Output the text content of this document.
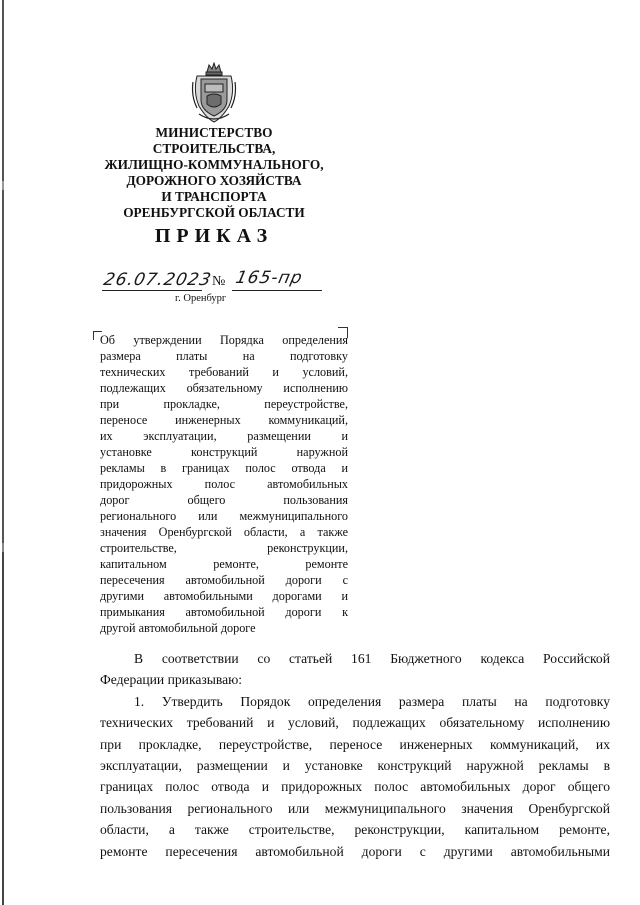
МИНИСТЕРСТВО
СТРОИТЕЛЬСТВА,
ЖИЛИЩНО-КОММУНАЛЬНОГО,
ДОРОЖНОГО ХОЗЯЙСТВА
И ТРАНСПОРТА
ОРЕНБУРГСКОЙ ОБЛАСТИ
ПРИКАЗ
26.07.2023
№ 165-пр
г. Оренбург
Об утверждении Порядка определения
размера платы на подготовку
технических требований и условий,
подлежащих обязательному исполнению
при прокладке, переустройстве,
переносе инженерных коммуникаций,
их эксплуатации, размещении и
установке конструкций наружной
рекламы в границах полос отвода и
придорожных полос автомобильных
дорог общего пользования
регионального или межмуниципального
значения Оренбургской области, а также
строительстве, реконструкции,
капитальном ремонте, ремонте
пересечения автомобильной дороги с
другими автомобильными дорогами и
примыкания автомобильной дороги к
другой автомобильной дороге

В соответствии со статьей 161 Бюджетного кодекса Российской

Федерации приказываю:

1. Утвердить Порядок определения размера платы на подготовку

технических требований и условий, подлежащих обязательному исполнению

при прокладке, переустройстве, переносе инженерных коммуникаций, их

эксплуатации, размещении и установке конструкций наружной рекламы в

границах полос отвода и придорожных полос автомобильных дорог общего

пользования регионального или межмуниципального значения Оренбургской

области, а также строительстве, реконструкции, капитальном ремонте,

ремонте пересечения автомобильной дороги с другими автомобильными
